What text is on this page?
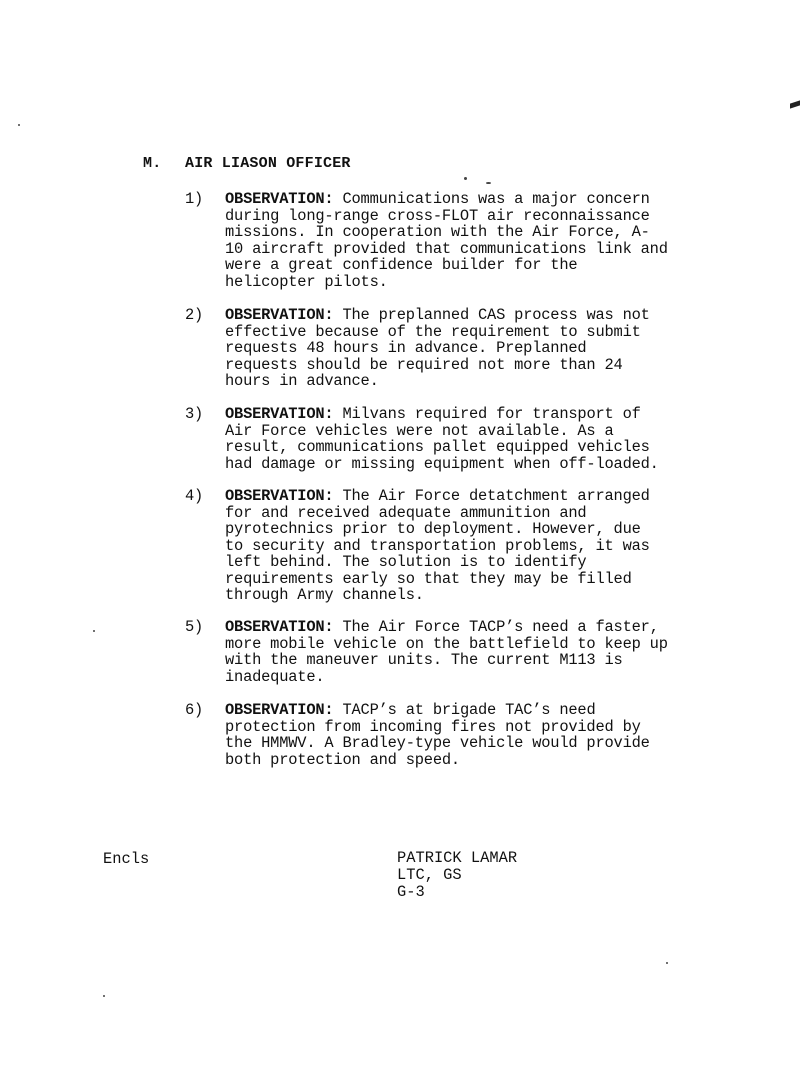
M. AIR LIASON OFFICER
1)	OBSERVATION: Communications was a major concern
during long-range cross-FLOT air reconnaissance
missions. In cooperation with the Air Force, A-
10 aircraft provided that communications link and
were a great confidence builder for the
helicopter pilots.
2)	OBSERVATION: The preplanned CAS process was not
effective because of the requirement to submit
requests 48 hours in advance. Preplanned
requests should be required not more than 24
hours in advance.
3)	OBSERVATION: Milvans required for transport of
Air Force vehicles were not available. As a
result, communications pallet equipped vehicles
had damage or missing equipment when off-loaded.
4)	OBSERVATION: The Air Force detatchment arranged
for and received adequate ammunition and
pyrotechnics prior to deployment. However, due
to security and transportation problems, it was
left behind. The solution is to identify
requirements early so that they may be filled
through Army channels.
5)	OBSERVATION: The Air Force TACP’s need a faster,
more mobile vehicle on the battlefield to keep up
with the maneuver units. The current M113 is
inadequate.
6)	OBSERVATION: TACP’s at brigade TAC’s need
protection from incoming fires not provided by
the HMMWV. A Bradley-type vehicle would provide
both protection and speed.
Encls	PATRICK LAMAR
LTC, GS
G-3
